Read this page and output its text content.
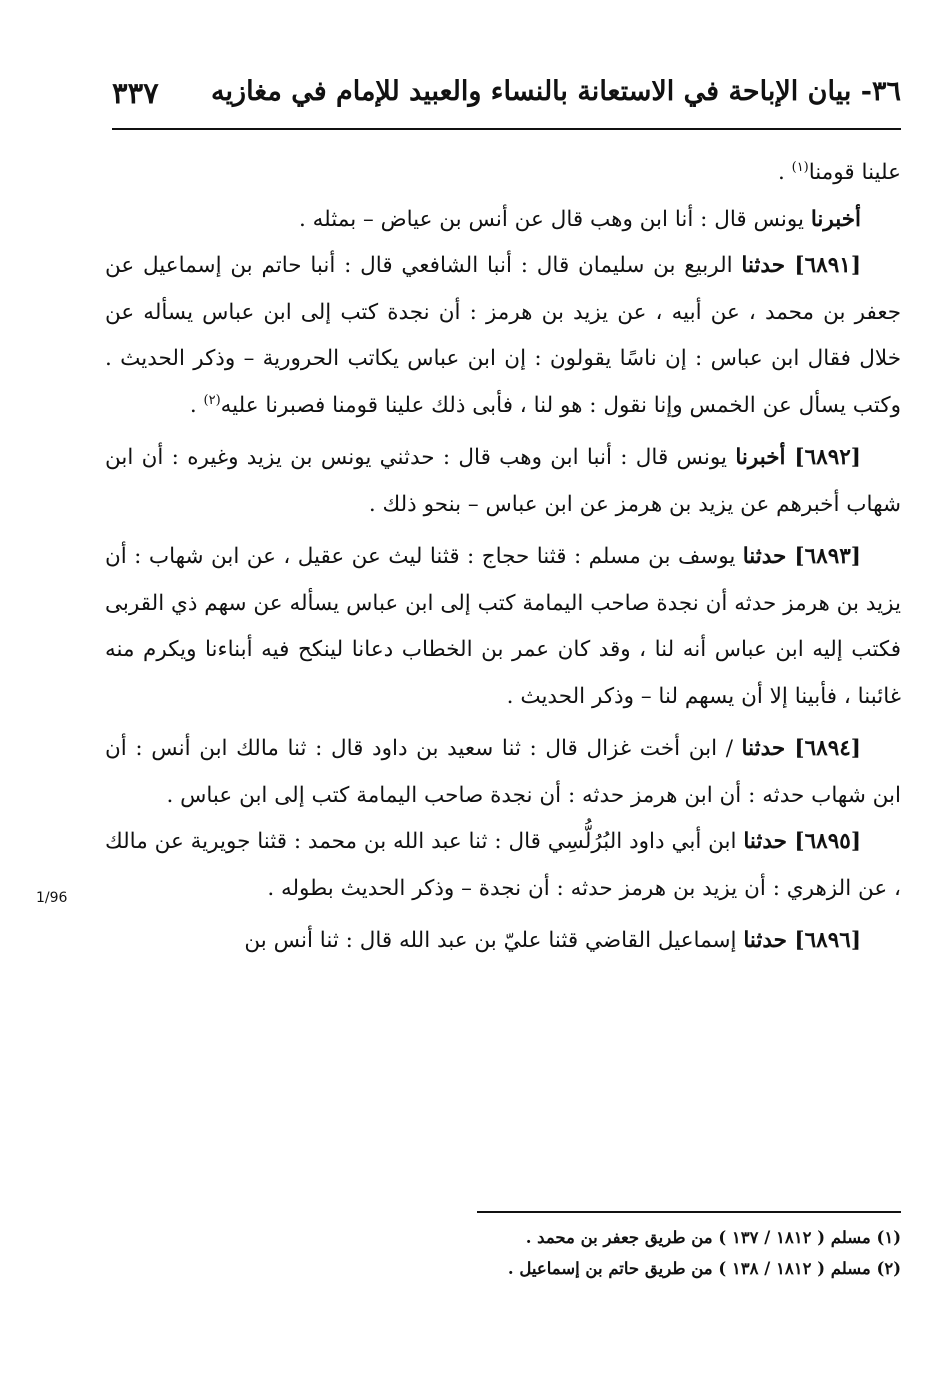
٣٦- بيان الإباحة في الاستعانة بالنساء والعبيد للإمام في مغازيه
٣٣٧
1/96

علينا قومنا$^{(١)}$ .

أخبرنا يونس قال : أنا ابن وهب قال عن أنس بن عياض – بمثله .

[٦٨٩١] حدثنا الربيع بن سليمان قال : أنبا الشافعي قال : أنبا حاتم بن إسماعيل عن جعفر بن محمد ، عن أبيه ، عن يزيد بن هرمز : أن نجدة كتب إلى ابن عباس يسأله عن خلال فقال ابن عباس : إن ناسًا يقولون : إن ابن عباس يكاتب الحرورية – وذكر الحديث . وكتب يسأل عن الخمس وإنا نقول : هو لنا ، فأبى ذلك علينا قومنا فصبرنا عليه$^{(٢)}$ .

[٦٨٩٢] أخبرنا يونس قال : أنبا ابن وهب قال : حدثني يونس بن يزيد وغيره : أن ابن شهاب أخبرهم عن يزيد بن هرمز عن ابن عباس – بنحو ذلك .

[٦٨٩٣] حدثنا يوسف بن مسلم : قثنا حجاج : قثنا ليث عن عقيل ، عن ابن شهاب : أن يزيد بن هرمز حدثه أن نجدة صاحب اليمامة كتب إلى ابن عباس يسأله عن سهم ذي القربى فكتب إليه ابن عباس أنه لنا ، وقد كان عمر بن الخطاب دعانا لينكح فيه أبناءنا ويكرم منه غائبنا ، فأبينا إلا أن يسهم لنا – وذكر الحديث .

[٦٨٩٤] حدثنا / ابن أخت غزال قال : ثنا سعيد بن داود قال : ثنا مالك ابن أنس : أن ابن شهاب حدثه : أن ابن هرمز حدثه : أن نجدة صاحب اليمامة كتب إلى ابن عباس .

[٦٨٩٥] حدثنا ابن أبي داود البُرُلُّسِي قال : ثنا عبد الله بن محمد : قثنا جويرية عن مالك ، عن الزهري : أن يزيد بن هرمز حدثه : أن نجدة – وذكر الحديث بطوله .

[٦٨٩٦] حدثنا إسماعيل القاضي قثنا عليّ بن عبد الله قال : ثنا أنس بن

(١) مسلم ( ١٨١٢ / ١٣٧ ) من طريق جعفر بن محمد .

(٢) مسلم ( ١٨١٢ / ١٣٨ ) من طريق حاتم بن إسماعيل .
